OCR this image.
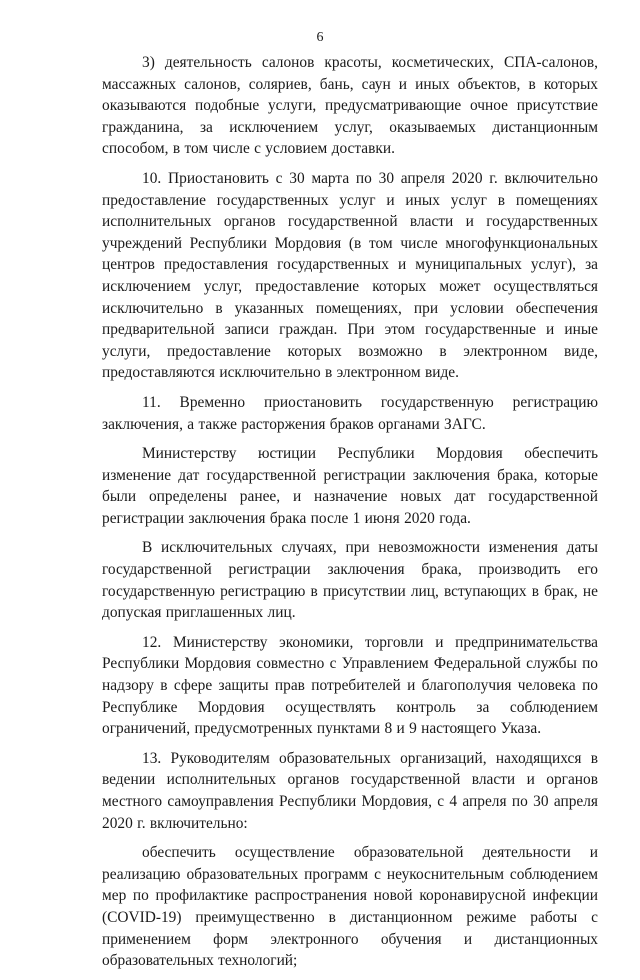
6

3) деятельность салонов красоты, косметических, СПА-салонов, массажных салонов, соляриев, бань, саун и иных объектов, в которых оказываются подобные услуги, предусматривающие очное присутствие гражданина, за исключением услуг, оказываемых дистанционным способом, в том числе с условием доставки.

10. Приостановить с 30 марта по 30 апреля 2020 г. включительно предоставление государственных услуг и иных услуг в помещениях исполнительных органов государственной власти и государственных учреждений Республики Мордовия (в том числе многофункциональных центров предоставления государственных и муниципальных услуг), за исключением услуг, предоставление которых может осуществляться исключительно в указанных помещениях, при условии обеспечения предварительной записи граждан. При этом государственные и иные услуги, предоставление которых возможно в электронном виде, предоставляются исключительно в электронном виде.

11. Временно приостановить государственную регистрацию заключения, а также расторжения браков органами ЗАГС.

Министерству юстиции Республики Мордовия обеспечить изменение дат государственной регистрации заключения брака, которые были определены ранее, и назначение новых дат государственной регистрации заключения брака после 1 июня 2020 года.

В исключительных случаях, при невозможности изменения даты государственной регистрации заключения брака, производить его государственную регистрацию в присутствии лиц, вступающих в брак, не допуская приглашенных лиц.

12. Министерству экономики, торговли и предпринимательства Республики Мордовия совместно с Управлением Федеральной службы по надзору в сфере защиты прав потребителей и благополучия человека по Республике Мордовия осуществлять контроль за соблюдением ограничений, предусмотренных пунктами 8 и 9 настоящего Указа.

13. Руководителям образовательных организаций, находящихся в ведении исполнительных органов государственной власти и органов местного самоуправления Республики Мордовия, с 4 апреля по 30 апреля 2020 г. включительно:

обеспечить осуществление образовательной деятельности и реализацию образовательных программ с неукоснительным соблюдением мер по профилактике распространения новой коронавирусной инфекции (COVID-19) преимущественно в дистанционном режиме работы с применением форм электронного обучения и дистанционных образовательных технологий;
